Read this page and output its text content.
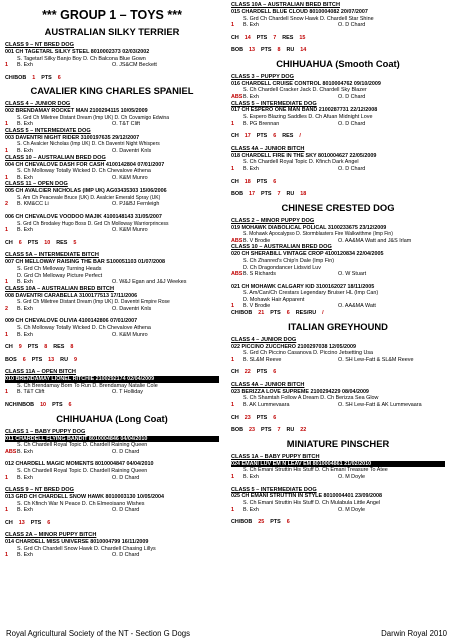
*** GROUP 1 – TOYS ***
AUSTRALIAN SILKY TERRIER
CLASS 9 – NT BRED DOG
001 CH TAGETARL SILKY STEEL 8010002373 02/03/2002
S. Tagetarl Silky Banjo Boy D. Ch Balcona Blue Gown
1	B. Exh	O. JS&CM Beckett
CH/BOB 1 PTS 6
CAVALIER KING CHARLES SPANIEL
CLASS 4 – JUNIOR DOG
002 BRENDAMAY ROCKET MAN 2100294115 10/05/2009
S. Grd Ch Miletree Distant Dream (Imp UK) D. Ch Covamigo Edwina
1	B. Exh	O. T&T Clift
CLASS 5 – INTERMEDIATE DOG
003 DAVENTRI NIGHT RIDER 3100197635 29/12/2007
S. Ch Avalcier Nicholas (Imp UK) D. Ch Daventri Night Whispers
1	B. Exh	O. Daventri Knls
CLASS 10 – AUSTRALIAN BRED DOG
004 CH CHEVALOVE DASH FOR CASH 4100142804 07/01/2007
S. Ch Molloway Totally Wicked D. Ch Chevalove Athena
1	B. Exh	O. K&M Munro
CLASS 11 – OPEN DOG
005 CH AVALCIER NICHOLAS (IMP UK) AG03435303 15/06/2006
S. Am Ch Peacevale Bruce (UK) D. Avalcier Emerald Spray (UK)
2	B. KM&CC Li	O. PJ&BJ Fernleigh
006 CH CHEVALOVE VOODOO MAJIK 4100148143 31/05/2007
S. Grd Ch Brodaley Hugo Boss D. Grd Ch Molloway Warriorprincess
1	B. Exh	O. K&M Munro
CH 6 PTS 10 RES 5
CLASS 5A – INTERMEDIATE BITCH
007 CH MELLOWAY RAISING THE BAR S100051103 01/07/2008
S. Grd Ch Melloway Turning Heads
D. Grd Ch Melloway Picture Perfect
1	B. Exh	O. W&J Egan and J&J Weekes
CLASS 10A – AUSTRALIAN BRED BITCH
008 DAVENTRI CARABELLA 3100177513 17/11/2006
S. Grd Ch Miletree Distant Dream (Imp UK) D. Daventri Empire Rose
2	B. Exh	O. Daventri Knls
009 CH CHEVALOVE OLIVIA 4100142806 07/01/2007
S. Ch Molloway Totally Wicked D. Ch Chevalove Athena
1	B. Exh	O. K&M Munro
CH 9 PTS 8 RES 8
BOS 6 PTS 13 RU 9
CLASS 11A – OPEN BITCH
010 BRENDAMAY LIONEL RITCHIE 2100292174 02/04/2009
S. Ch Brendamay Born To Run D. Brendamay Natalie Cole
1	B. T&T Clift	O. T Holliday
NCH/NBOB 10 PTS 6
CHIHUAHUA (Long Coat)
CLASS 1 – BABY PUPPY DOG
011 CHARDELL FLYING BANDIT 8010004846 04/04/2010
S. Ch Chardell Royal Topic D. Chardell Raining Queen
ABS B. Exh	O. D Chard
012 CHARDELL MAGIC MOMENTS 8010004847 04/04/2010
S. Ch Chardell Royal Topic D. Chardell Raining Queen
1	B. Exh	O. D Chard
CLASS 9 – NT BRED DOG
013 GRD CH CHARDELL SNOW HAWK 8010003130 10/05/2004
S. Ch Kfinch War N Peace D. Ch Elmeoisano Wishes
1	B. Exh	O. D Chard
CH 13 PTS 6
CLASS 2A – MINOR PUPPY BITCH
014 CHARDELL MISS UNIVERSE 8010004799 16/11/2009
S. Grd Ch Chardell Snow Hawk D. Chardell Chasing Lillys
1	B. Exh	O. D Chard
CLASS 10A – AUSTRALIAN BRED BITCH
015 CHARDELL BLUE CLOUD 8010004082 20/07/2007
S. Grd Ch Chardell Snow Hawk D. Chardell Star Shine
1	B. Exh	O. D Chard
CH 14 PTS 7 RES 15
BOB 13 PTS 8 RU 14
CHIHUAHUA (Smooth Coat)
CLASS 3 – PUPPY DOG
016 CHARDELL CRUISE CONTROL 8010004762 09/10/2009
S. Ch Chardell Cracker Jack D. Chardell Sky Blazer
ABS B. Exh	O. D Chard
CLASS 5 – INTERMEDIATE DOG
017 CH ESPERO ONE MAN BAND 2100287731 22/12/2008
S. Espero Blazing Saddles D. Ch Afuan Midnight Love
1	B. PG Brennan	O. D Chard
CH 17 PTS 6 RES /
CLASS 4A – JUNIOR BITCH
018 CHARDELL FIRE IN THE SKY 8010004627 22/05/2009
S. Ch Chardell Royal Topic D. Kfinch Dark Angel
1	B. Exh	O. D Chard
CH 18 PTS 6
BOB 17 PTS 7 RU 18
CHINESE CRESTED DOG
CLASS 2 – MINOR PUPPY DOG
019 MOHAWK DIABOLICAL POLICAL 3100233675 23/12/2009
S. Mohawk Apocalypso D. Stormblasters Fire Walkwithme (Imp Fin)
ABS B. V Brodie	O. AA&MA Watt and J&S Irlam
CLASS 10 – AUSTRALIAN BRED DOG
020 CH SHERABILL VINTAGE CROP 4100120834 22/04/2005
S. Ch Zhanred's Chip'n Dale (Imp Fin)
D. Ch Dragondancer Lidsvid Luv
ABS B. S Richards	O. W Stuart
021 CH MOHAWK CALGARY KID 3100162027 18/11/2005
S. Am/Can/Ch Crestars Legendary Bruiser HL (Imp Can)
D. Mohawk Hair Apparent
1	B. V Brodie	O. AA&MA Watt
CH/BOB 21 PTS 6 RES/RU /
ITALIAN GREYHOUND
CLASS 4 – JUNIOR DOG
022 PICCINO ZUCCHERO 2100297038 12/05/2009
S. Grd Ch Piccino Casanova D. Piccino Jetsetting Usa
1	B. SL&M Reeve	O. SH Lew-Fatt & SL&M Reeve
CH 22 PTS 6
CLASS 4A – JUNIOR BITCH
023 BERIZZA LOVE SUPREME 2100294229 08/04/2009
S. Ch Shamtah Follow A Dream D. Ch Berizza Sea Glow
1	B. AK Lummevaara	O. SH Lew-Fatt & AK Lummevaara
CH 23 PTS 6
BOB 23 PTS 7 RU 22
MINIATURE PINSCHER
CLASS 1A – BABY PUPPY BITCH
024 EMANI LUV EM N LEAV EM 8010004861 21/02/2010
S. Ch Emani Struttin His Stuff D. Ch Emani Treasure To Atee
1	B. Exh	O. M Doyle
CLASS 5 – INTERMEDIATE DOG
025 CH EMANI STRUTTIN IN STYLE 8010004401 23/09/2008
S. Ch Emani Struttin His Stuff D. Ch Mulabula Little Angel
1	B. Exh	O. M Doyle
CH/BOB 25 PTS 6
Royal Agricultural Society of the NT - Section G Dogs	Darwin Royal 2010
